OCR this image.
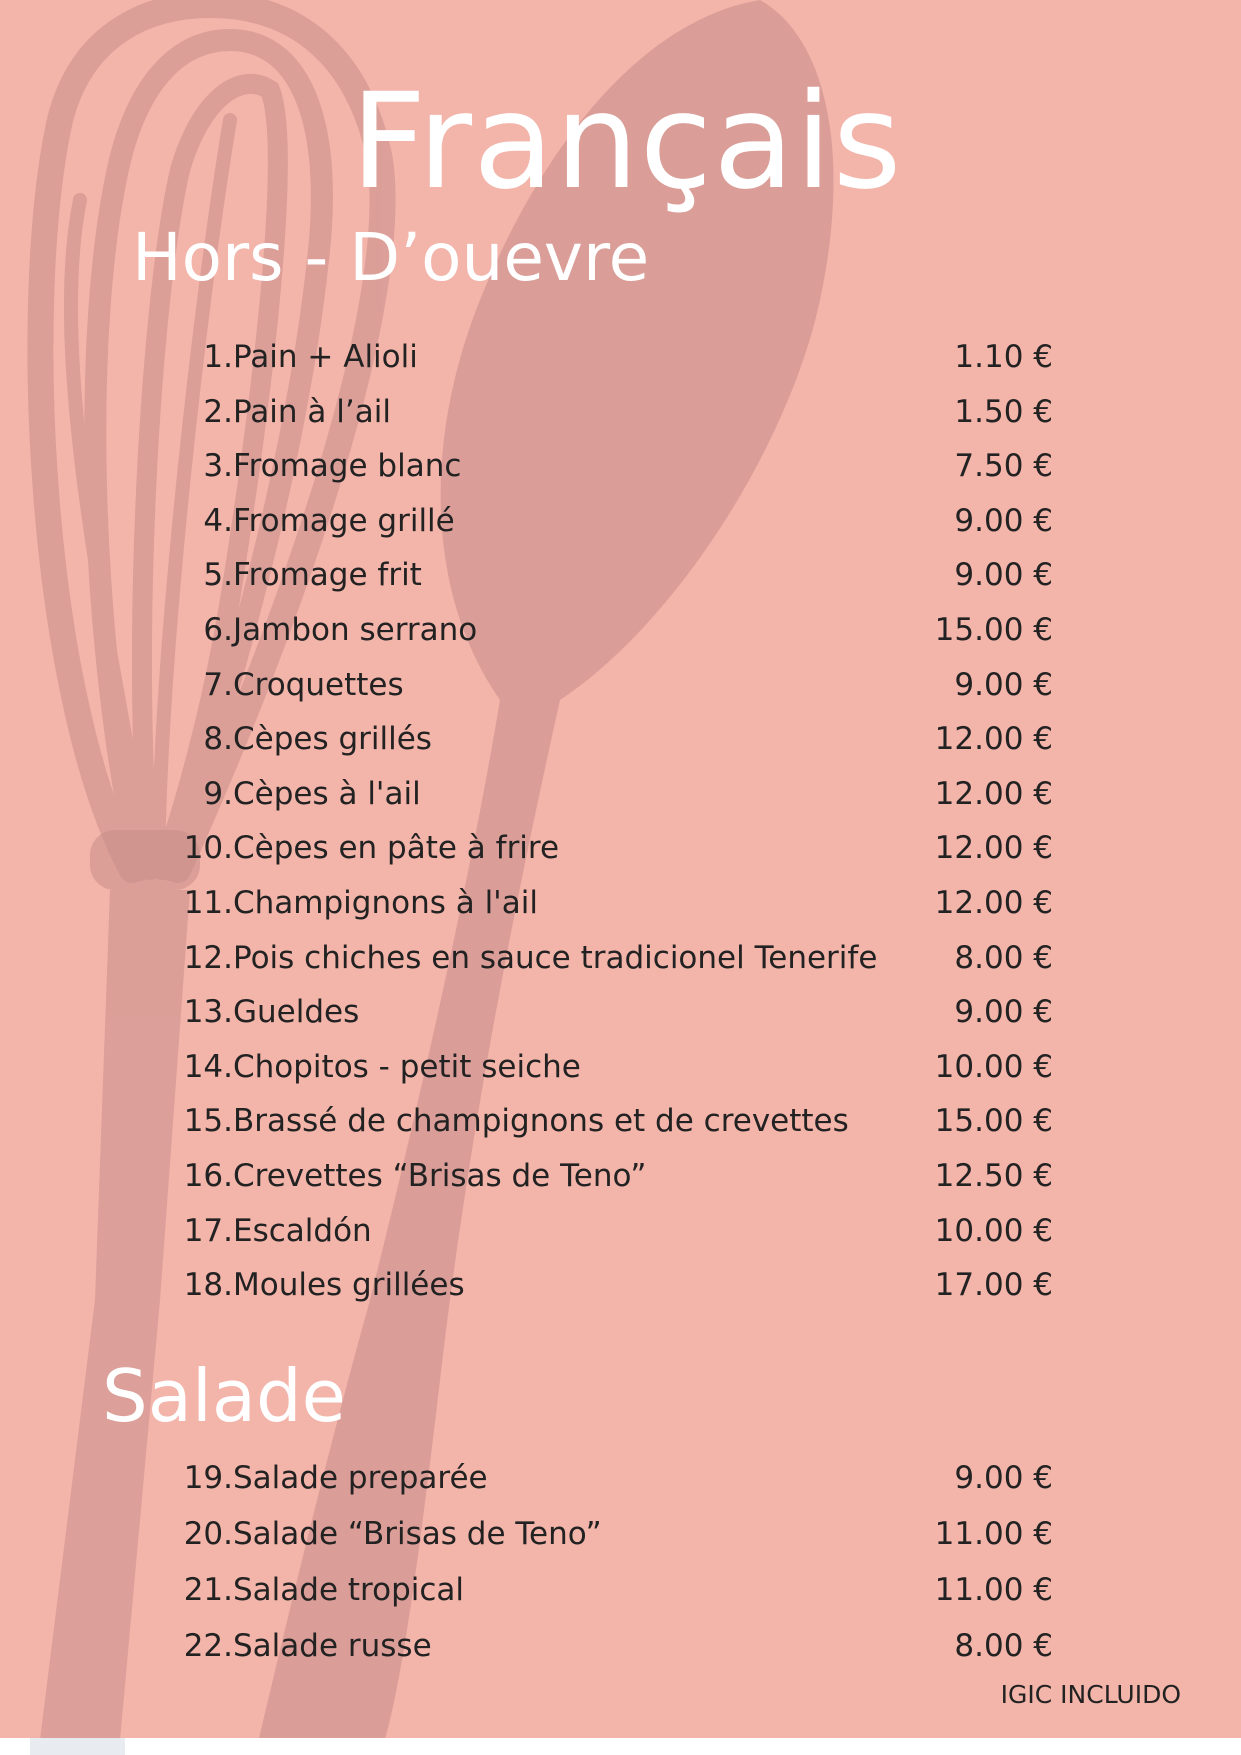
Français
Hors - D’ouevre
1. Pain + Alioli	1.10 €
2. Pain à l’ail	1.50 €
3. Fromage blanc	7.50 €
4. Fromage grillé	9.00 €
5. Fromage frit	9.00 €
6. Jambon serrano	15.00 €
7. Croquettes	9.00 €
8. Cèpes grillés	12.00 €
9. Cèpes à l'ail	12.00 €
10. Cèpes en pâte à frire	12.00 €
11. Champignons à l'ail	12.00 €
12. Pois chiches en sauce tradicionel Tenerife 8.00 €
13. Gueldes	9.00 €
14. Chopitos - petit seiche	10.00 €
15. Brassé de champignons et de crevettes	15.00 €
16. Crevettes “Brisas de Teno”	12.50 €
17. Escaldón	10.00 €
18. Moules grillées	17.00 €
Salade
19. Salade preparée	9.00 €
20. Salade “Brisas de Teno”	11.00 €
21. Salade tropical	11.00 €
22. Salade russe	8.00 €
IGIC INCLUIDO
